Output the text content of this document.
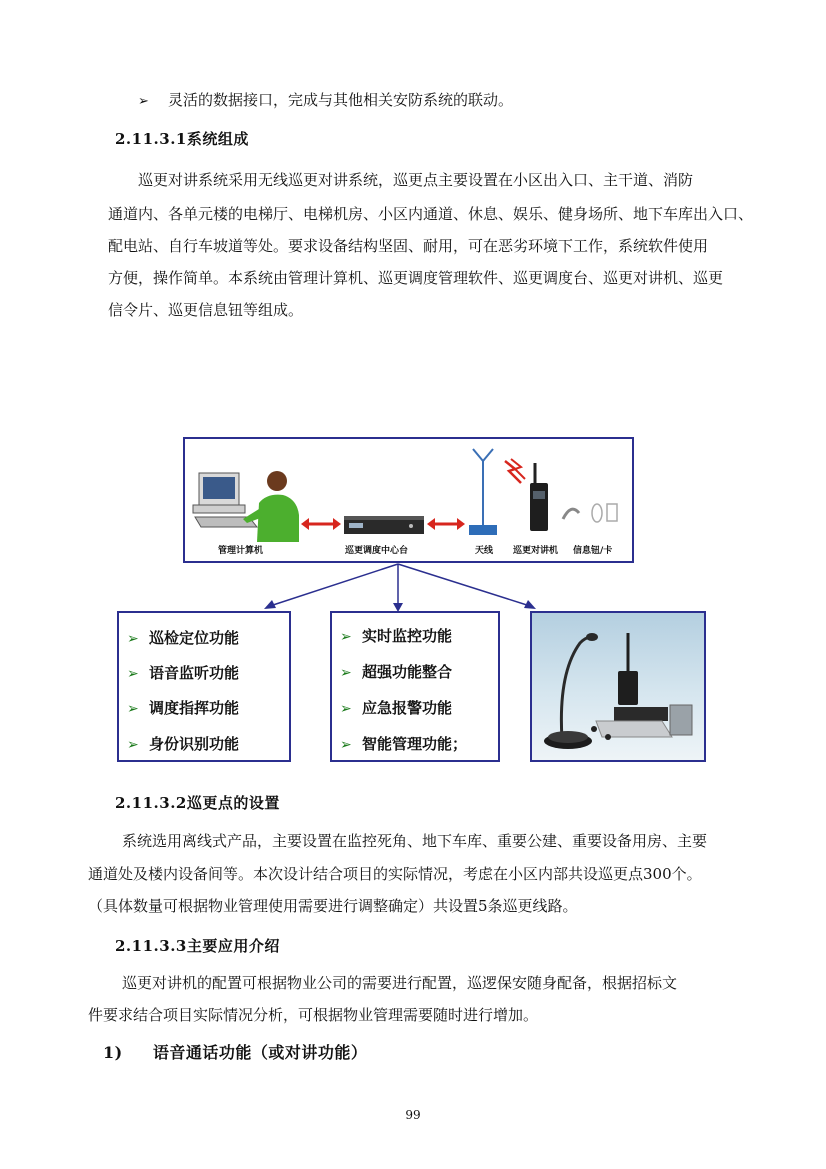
➢ 灵活的数据接口，完成与其他相关安防系统的联动。
2.11.3.1系统组成
巡更对讲系统采用无线巡更对讲系统，巡更点主要设置在小区出入口、主干道、消防
通道内、各单元楼的电梯厅、电梯机房、小区内通道、休息、娱乐、健身场所、地下车库出入口、
配电站、自行车坡道等处。要求设备结构坚固、耐用，可在恶劣环境下工作，系统软件使用
方便，操作简单。本系统由管理计算机、巡更调度管理软件、巡更调度台、巡更对讲机、巡更
信令片、巡更信息钮等组成。
管理计算机	巡更调度中心台	天线 巡更对讲机 信息钮/卡
➢ 巡检定位功能
➢ 语音监听功能
➢ 调度指挥功能
➢ 身份识别功能
➢ 实时监控功能
➢ 超强功能整合
➢ 应急报警功能
➢ 智能管理功能；
2.11.3.2巡更点的设置
系统选用离线式产品，主要设置在监控死角、地下车库、重要公建、重要设备用房、主要
通道处及楼内设备间等。本次设计结合项目的实际情况，考虑在小区内部共设巡更点300个。
（具体数量可根据物业管理使用需要进行调整确定）共设置5条巡更线路。
2.11.3.3主要应用介绍
巡更对讲机的配置可根据物业公司的需要进行配置，巡逻保安随身配备，根据招标文
件要求结合项目实际情况分析，可根据物业管理需要随时进行增加。
1) 语音通话功能（或对讲功能）
99
